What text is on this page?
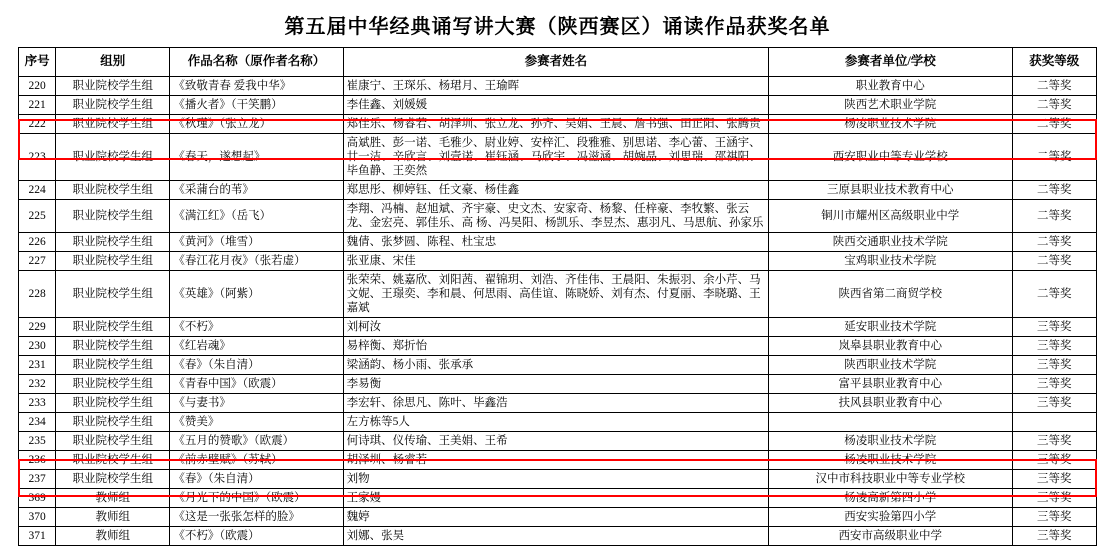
第五届中华经典诵写讲大赛（陕西赛区）诵读作品获奖名单
序号	组别	作品名称（原作者名称）	参赛者姓名	参赛者单位/学校	获奖等级
220	职业院校学生组	《致敬青春 爱我中华》	崔康宁、王琛乐、杨珺月、王瑜晖	职业教育中心	二等奖
221	职业院校学生组	《播火者》（干笑鹏）	李佳鑫、刘媛媛	陕西艺术职业学院	二等奖
222	职业院校学生组	《秋瑾》（张立龙）	郑佳乐、杨睿若、胡泽圳、张立龙、孙齐、吴娟、王晨、詹书强、田正阳、张腾贵	杨凌职业技术学院	二等奖
223	职业院校学生组	《春天，遂想起》	高斌胜、彭一诺、毛雅少、尉业婷、安梓汇、段雅雅、别思诺、李心蕾、王涵宇、廿一洁、辛欣言、刘壹诺、崔钰涵、马欣宇、冯滋涵、胡婉晶、刘思瑞、邵祺阳、毕鱼静、王奕然	西安职业中等专业学校	二等奖
224	职业院校学生组	《采蒲台的苇》	郑思彤、柳婷钰、任文豪、杨佳鑫	三原县职业技术教育中心	二等奖
225	职业院校学生组	《满江红》（岳飞）	李翔、冯楠、赵旭斌、齐宇豪、史文杰、安家奇、杨黎、任梓豪、李牧繁、张云龙、金宏亮、郭佳乐、高 杨、冯昊阳、杨凯乐、李昱杰、惠羽凡、马思航、孙家乐	铜川市耀州区高级职业中学	二等奖
226	职业院校学生组	《黄河》（堆雪）	魏倩、张梦圆、陈程、杜宝忠	陕西交通职业技术学院	二等奖
227	职业院校学生组	《春江花月夜》（张若虚）	张亚康、宋佳	宝鸡职业技术学院	二等奖
228	职业院校学生组	《英雄》（阿紫）	张荣荣、姚嘉欣、刘阳茜、翟锦玥、刘浩、齐佳伟、王晨阳、朱振羽、余小芹、马文妮、王璟奕、李和晨、何思雨、高佳谊、陈晓娇、刘有杰、付夏丽、李晓璐、王嘉斌	陕西省第二商贸学校	二等奖
229	职业院校学生组	《不朽》	刘柯汝	延安职业技术学院	三等奖
230	职业院校学生组	《红岩魂》	易梓衡、郑折怡	岚皋县职业教育中心	三等奖
231	职业院校学生组	《春》（朱自清）	梁涵韵、杨小雨、张承承	陕西职业技术学院	三等奖
232	职业院校学生组	《青春中国》（欧震）	李易衡	富平县职业教育中心	三等奖
233	职业院校学生组	《与妻书》	李宏轩、徐思凡、陈叶、毕鑫浩	扶风县职业教育中心	三等奖
234	职业院校学生组	《赞美》	左方栋等5人		
235	职业院校学生组	《五月的赞歌》（欧震）	何诗琪、仪传瑜、王美娟、王希	杨凌职业技术学院	三等奖
236	职业院校学生组	《前赤壁赋》（苏轼）	胡泽圳、杨睿若	杨凌职业技术学院	三等奖
237	职业院校学生组	《春》（朱自清）	刘物	汉中市科技职业中等专业学校	三等奖
369	教师组	《月光下的中国》（欧震）	王家嫚	杨凌高新第四小学	三等奖
370	教师组	《这是一张张怎样的脸》	魏婷	西安实验第四小学	三等奖
371	教师组	《不朽》（欧震）	刘娜、张昊	西安市高级职业中学	三等奖
